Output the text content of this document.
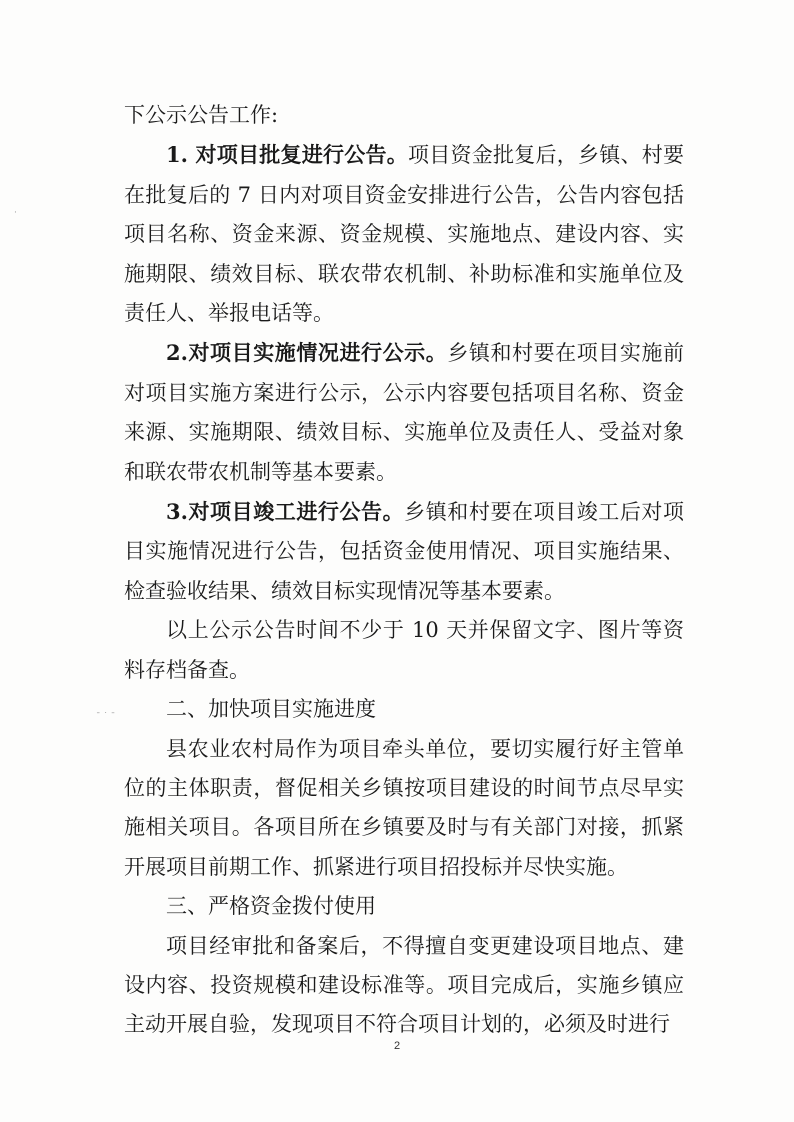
ˉ ˙ ˉ
·

下公示公告工作:

1. 对项目批复进行公告。项目资金批复后，乡镇、村要在批复后的 7 日内对项目资金安排进行公告，公告内容包括项目名称、资金来源、资金规模、实施地点、建设内容、实施期限、绩效目标、联农带农机制、补助标准和实施单位及责任人、举报电话等。

2.对项目实施情况进行公示。乡镇和村要在项目实施前对项目实施方案进行公示，公示内容要包括项目名称、资金来源、实施期限、绩效目标、实施单位及责任人、受益对象和联农带农机制等基本要素。

3.对项目竣工进行公告。乡镇和村要在项目竣工后对项目实施情况进行公告，包括资金使用情况、项目实施结果、检查验收结果、绩效目标实现情况等基本要素。

以上公示公告时间不少于 10 天并保留文字、图片等资料存档备查。

二、加快项目实施进度

县农业农村局作为项目牵头单位，要切实履行好主管单位的主体职责，督促相关乡镇按项目建设的时间节点尽早实施相关项目。各项目所在乡镇要及时与有关部门对接，抓紧开展项目前期工作、抓紧进行项目招投标并尽快实施。

三、严格资金拨付使用

项目经审批和备案后，不得擅自变更建设项目地点、建设内容、投资规模和建设标准等。项目完成后，实施乡镇应主动开展自验，发现项目不符合项目计划的，必须及时进行

2
